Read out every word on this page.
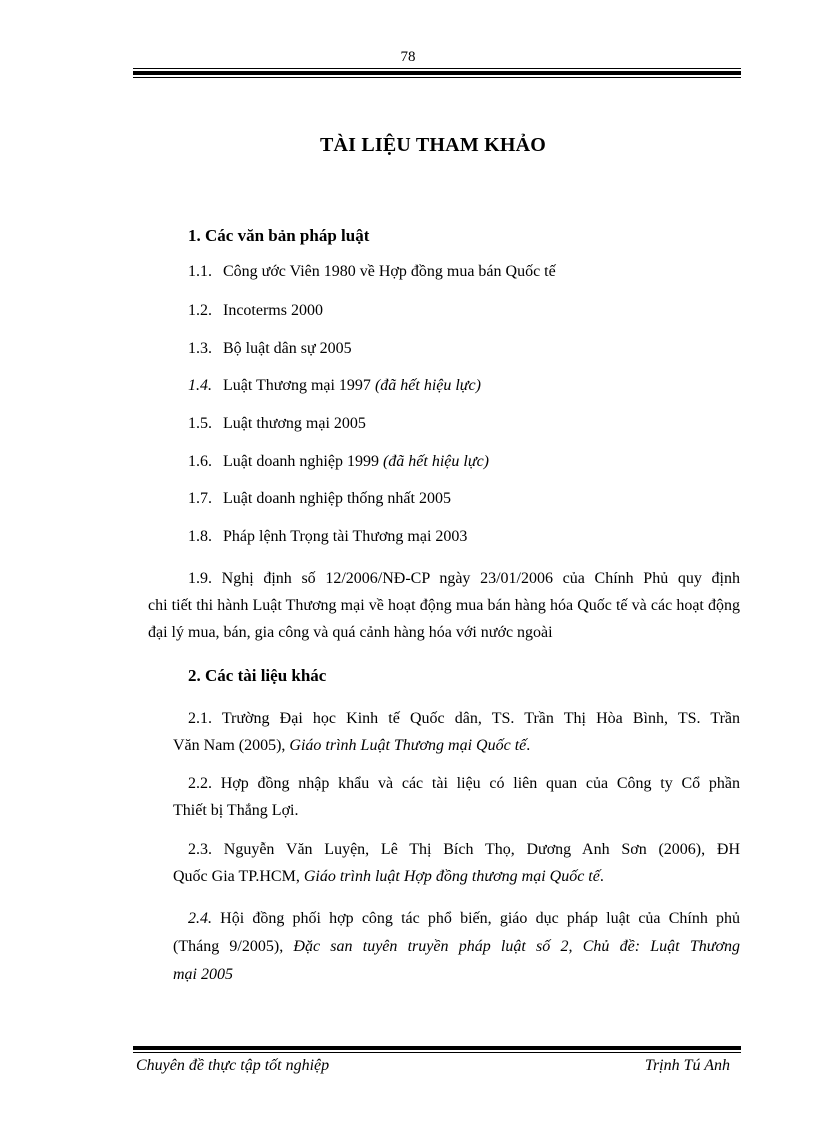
78
TÀI LIỆU THAM KHẢO
1. Các văn bản pháp luật
1.1. Công ước Viên 1980 về Hợp đồng mua bán Quốc tế
1.2. Incoterms 2000
1.3. Bộ luật dân sự 2005
1.4. Luật Thương mại 1997 (đã hết hiệu lực)
1.5. Luật thương mại 2005
1.6. Luật doanh nghiệp 1999 (đã hết hiệu lực)
1.7. Luật doanh nghiệp thống nhất 2005
1.8. Pháp lệnh Trọng tài Thương mại 2003
1.9. Nghị định số 12/2006/NĐ-CP ngày 23/01/2006 của Chính Phủ quy định
chi tiết thi hành Luật Thương mại về hoạt động mua bán hàng hóa Quốc tế và các hoạt động đại lý mua, bán, gia công và quá cảnh hàng hóa với nước ngoài
2. Các tài liệu khác
2.1. Trường Đại học Kinh tế Quốc dân, TS. Trần Thị Hòa Bình, TS. Trần
Văn Nam (2005), Giáo trình Luật Thương mại Quốc tế.
2.2. Hợp đồng nhập khẩu và các tài liệu có liên quan của Công ty Cổ phần
Thiết bị Thắng Lợi.
2.3. Nguyễn Văn Luyện, Lê Thị Bích Thọ, Dương Anh Sơn (2006), ĐH
Quốc Gia TP.HCM, Giáo trình luật Hợp đồng thương mại Quốc tế.
2.4. Hội đồng phối hợp công tác phổ biến, giáo dục pháp luật của Chính phủ
(Tháng 9/2005), Đặc san tuyên truyền pháp luật số 2, Chủ đề: Luật Thương
mại 2005
Chuyên đề thực tập tốt nghiệp	Trịnh Tú Anh
